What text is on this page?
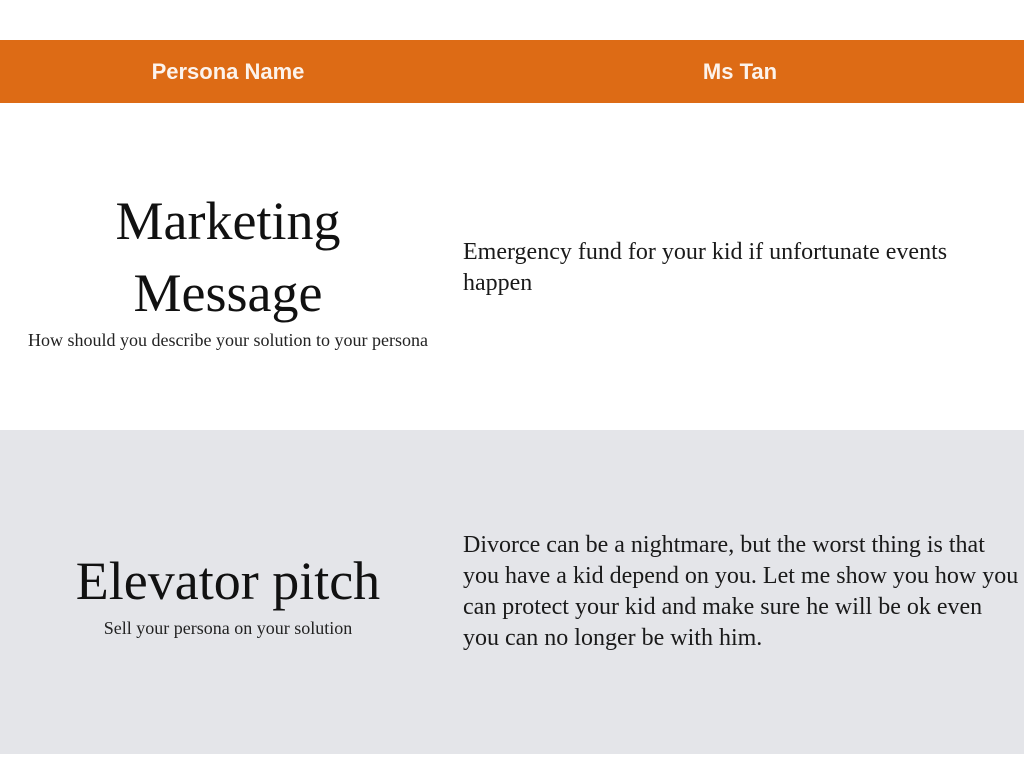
Persona Name	Ms Tan
Marketing
Message
How should you describe your solution to your persona
Emergency fund for your kid if unfortunate events happen
Elevator pitch
Sell your persona on your solution
Divorce can be a nightmare, but the worst thing is that you have a kid depend on you. Let me show you how you can protect your kid and make sure he will be ok even you can no longer be with him.
